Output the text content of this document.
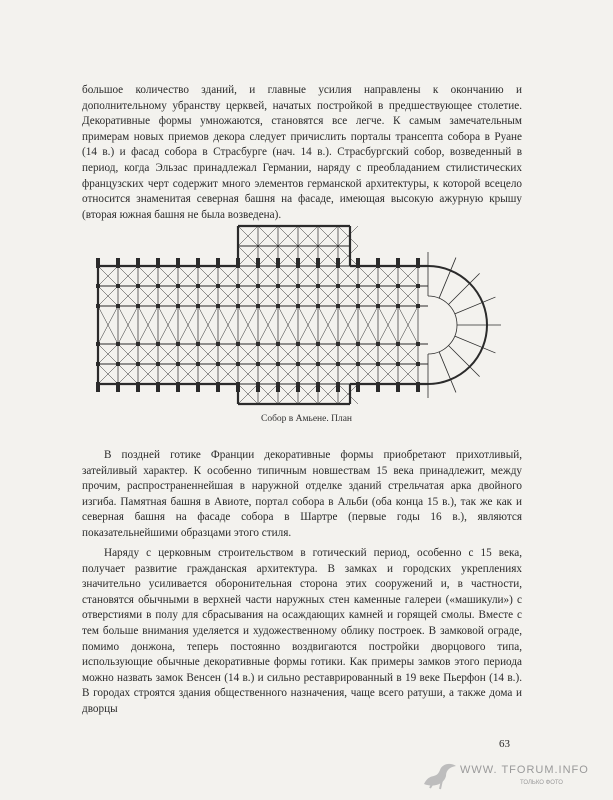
большое количество зданий, и главные усилия направлены к окончанию и дополнительному убранству церквей, начатых постройкой в предшествующее столетие. Декоративные формы умножаются, становятся все легче. К самым замечательным примерам новых приемов декора следует причислить порталы трансепта собора в Руане (14 в.) и фасад собора в Страсбурге (нач. 14 в.). Страсбургский собор, возведенный в период, когда Эльзас принадлежал Германии, наряду с преобладанием стилистических французских черт содержит много элементов германской архитектуры, к которой всецело относится знаменитая северная башня на фасаде, имеющая высокую ажурную крышу (вторая южная башня не была возведена).

Собор в Амьене. План

В поздней готике Франции декоративные формы приобретают прихотливый, затейливый характер. К особенно типичным новшествам 15 века принадлежит, между прочим, распространеннейшая в наружной отделке зданий стрельчатая арка двойного изгиба. Памятная башня в Авиоте, портал собора в Альби (оба конца 15 в.), так же как и северная башня на фасаде собора в Шартре (первые годы 16 в.), являются показательнейшими образцами этого стиля.

Наряду с церковным строительством в готический период, особенно с 15 века, получает развитие гражданская архитектура. В замках и городских укреплениях значительно усиливается оборонительная сторона этих сооружений и, в частности, становятся обычными в верхней части наружных стен каменные галереи («машикули») с отверстиями в полу для сбрасывания на осаждающих камней и горящей смолы. Вместе с тем больше внимания уделяется и художественному облику построек. В замковой ограде, помимо донжона, теперь постоянно воздвигаются постройки дворцового типа, использующие обычные декоративные формы готики. Как примеры замков этого периода можно назвать замок Венсен (14 в.) и сильно реставрированный в 19 веке Пьерфон (14 в.). В городах строятся здания общественного назначения, чаще всего ратуши, а также дома и дворцы

63
WWW. TFORUM.INFO
ТОЛЬКО ФОТО
